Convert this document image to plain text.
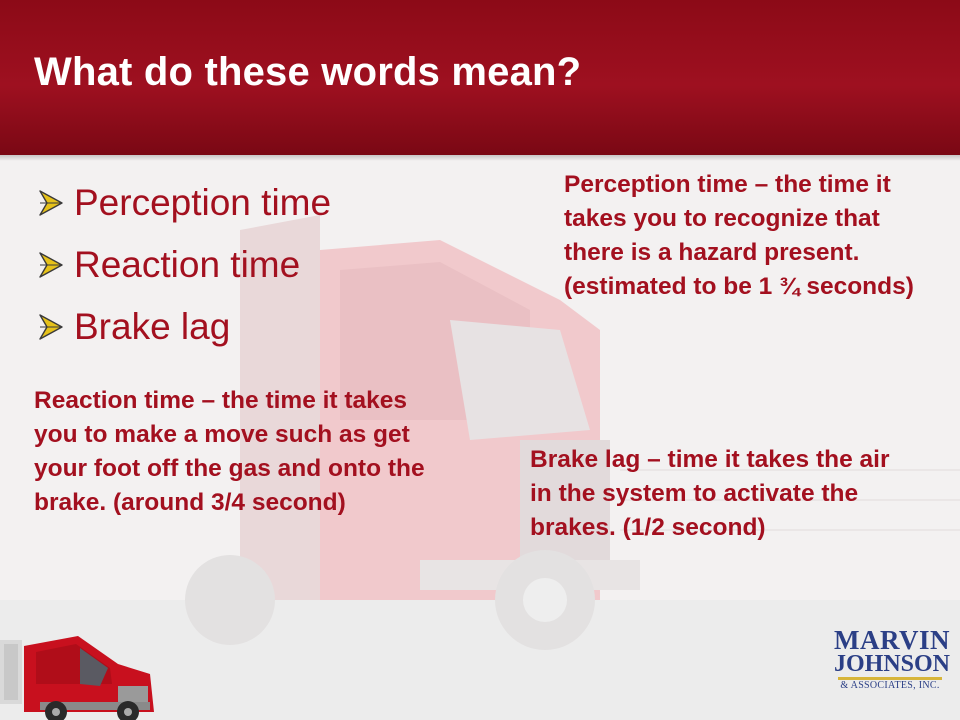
What do these words mean?
Perception time
Reaction time
Brake lag
Perception time – the time it takes you to recognize that there is a hazard present. (estimated to be 1 ¾ seconds)
Reaction time – the time it takes you to make a move such as get your foot off the gas and onto the brake. (around 3/4 second)
Brake lag – time it takes the air in the system to activate the brakes. (1/2 second)
MARVIN
JOHNSON
& ASSOCIATES, INC.
